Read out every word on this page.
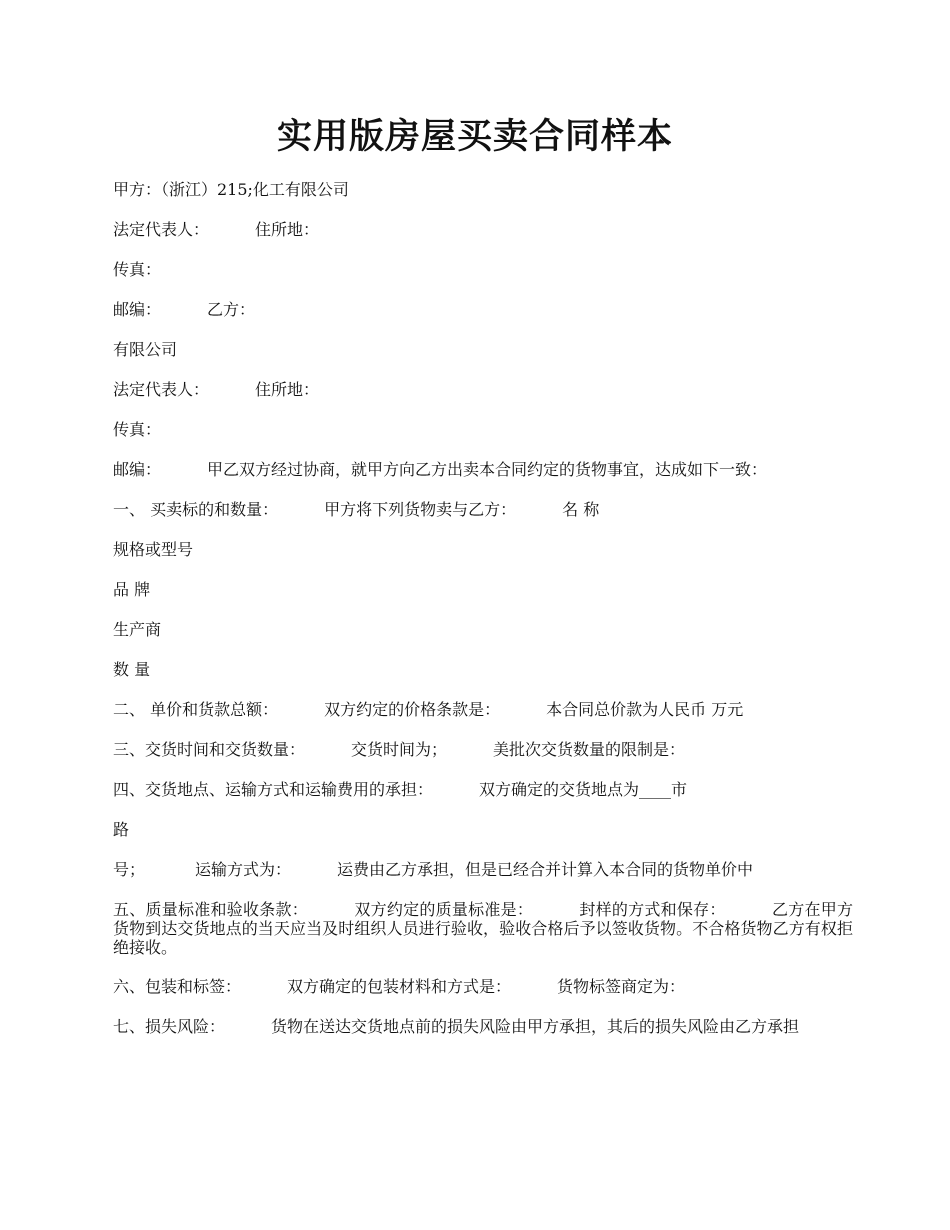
实用版房屋买卖合同样本
甲方：（浙江）215;化工有限公司
法定代表人：	住所地：
传真：
邮编：	乙方：
有限公司
法定代表人：	住所地：
传真：
邮编：	甲乙双方经过协商，就甲方向乙方出卖本合同约定的货物事宜，达成如下一致：
一、 买卖标的和数量：	甲方将下列货物卖与乙方：	名 称
规格或型号
品 牌
生产商
数 量
二、 单价和货款总额：	双方约定的价格条款是：	本合同总价款为人民币 万元
三、交货时间和交货数量：	交货时间为；	美批次交货数量的限制是：
四、交货地点、运输方式和运输费用的承担：	双方确定的交货地点为____市
路
号；	运输方式为：	运费由乙方承担，但是已经合并计算入本合同的货物单价中
五、质量标准和验收条款：	双方约定的质量标准是：	封样的方式和保存：	乙方在甲方货物到达交货地点的当天应当及时组织人员进行验收，验收合格后予以签收货物。不合格货物乙方有权拒绝接收。
六、包装和标签：	双方确定的包装材料和方式是：	货物标签商定为：
七、损失风险：	货物在送达交货地点前的损失风险由甲方承担，其后的损失风险由乙方承担
